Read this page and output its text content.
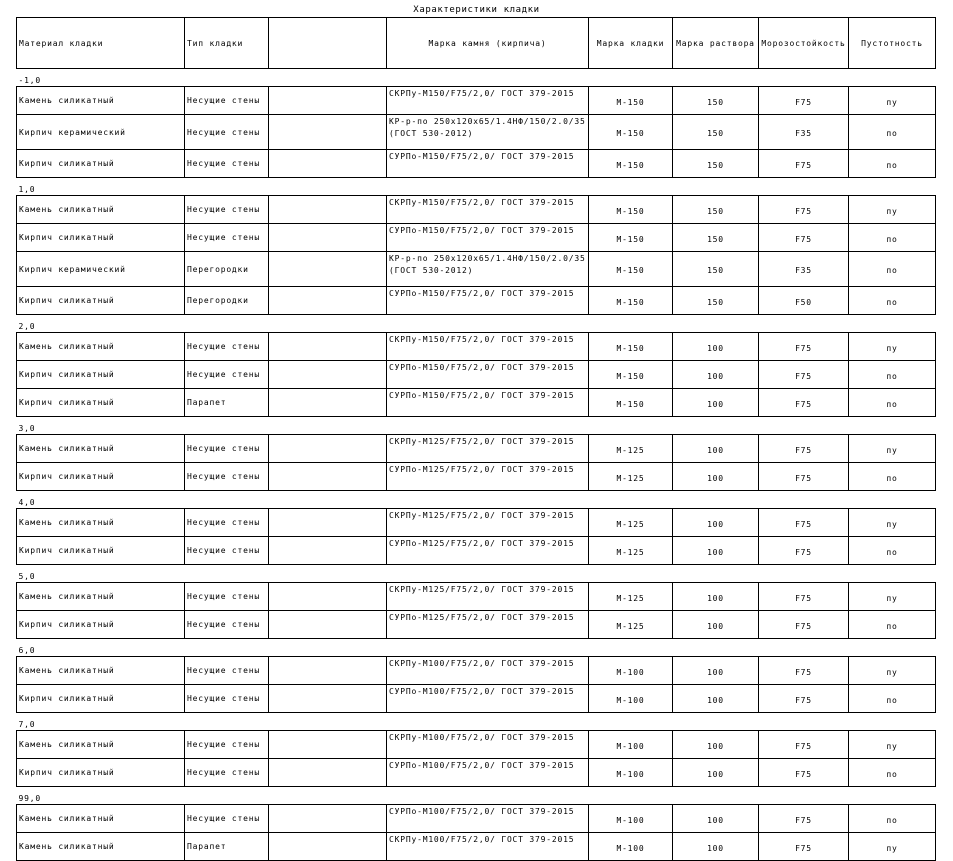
Характеристики кладки
Материал кладки	Тип кладки		Марка камня (кирпича)	Марка кладки	Марка раствора	Морозостойкость	Пустотность
-1,0							
Камень силикатный	Несущие стены		СКРПу-М150/F75/2,0/ ГОСТ 379-2015	М-150	150	F75	пу
Кирпич керамический	Несущие стены		КР-р-по 250х120х65/1.4НФ/150/2.0/35 (ГОСТ 530-2012)	М-150	150	F35	по
Кирпич силикатный	Несущие стены		СУРПо-М150/F75/2,0/ ГОСТ 379-2015	М-150	150	F75	по
1,0							
Камень силикатный	Несущие стены		СКРПу-М150/F75/2,0/ ГОСТ 379-2015	М-150	150	F75	пу
Кирпич силикатный	Несущие стены		СУРПо-М150/F75/2,0/ ГОСТ 379-2015	М-150	150	F75	по
Кирпич керамический	Перегородки		КР-р-по 250х120х65/1.4НФ/150/2.0/35 (ГОСТ 530-2012)	М-150	150	F35	по
Кирпич силикатный	Перегородки		СУРПо-М150/F75/2,0/ ГОСТ 379-2015	М-150	150	F50	по
2,0							
Камень силикатный	Несущие стены		СКРПу-М150/F75/2,0/ ГОСТ 379-2015	М-150	100	F75	пу
Кирпич силикатный	Несущие стены		СУРПо-М150/F75/2,0/ ГОСТ 379-2015	М-150	100	F75	по
Кирпич силикатный	Парапет		СУРПо-М150/F75/2,0/ ГОСТ 379-2015	М-150	100	F75	по
3,0							
Камень силикатный	Несущие стены		СКРПу-М125/F75/2,0/ ГОСТ 379-2015	М-125	100	F75	пу
Кирпич силикатный	Несущие стены		СУРПо-М125/F75/2,0/ ГОСТ 379-2015	М-125	100	F75	по
4,0							
Камень силикатный	Несущие стены		СКРПу-М125/F75/2,0/ ГОСТ 379-2015	М-125	100	F75	пу
Кирпич силикатный	Несущие стены		СУРПо-М125/F75/2,0/ ГОСТ 379-2015	М-125	100	F75	по
5,0							
Камень силикатный	Несущие стены		СКРПу-М125/F75/2,0/ ГОСТ 379-2015	М-125	100	F75	пу
Кирпич силикатный	Несущие стены		СУРПо-М125/F75/2,0/ ГОСТ 379-2015	М-125	100	F75	по
6,0							
Камень силикатный	Несущие стены		СКРПу-М100/F75/2,0/ ГОСТ 379-2015	М-100	100	F75	пу
Кирпич силикатный	Несущие стены		СУРПо-М100/F75/2,0/ ГОСТ 379-2015	М-100	100	F75	по
7,0							
Камень силикатный	Несущие стены		СКРПу-М100/F75/2,0/ ГОСТ 379-2015	М-100	100	F75	пу
Кирпич силикатный	Несущие стены		СУРПо-М100/F75/2,0/ ГОСТ 379-2015	М-100	100	F75	по
99,0							
Камень силикатный	Несущие стены		СУРПо-М100/F75/2,0/ ГОСТ 379-2015	М-100	100	F75	по
Камень силикатный	Парапет		СКРПу-М100/F75/2,0/ ГОСТ 379-2015	М-100	100	F75	пу
